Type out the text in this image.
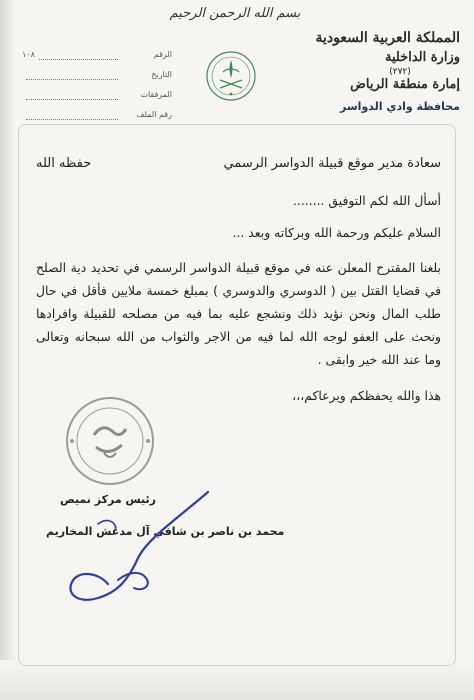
بسم الله الرحمن الرحيم
المملكة العربية السعودية
وزارة الداخلية
(٢٧٢)
إمارة منطقة الرياض
محافظة وادي الدواسر
الرقم
١٠٨
التاريخ
المرفقات
رقم الملف
سعادة مدير موقع قبيلة الدواسر الرسمي
حفظه الله
أسأل الله لكم التوفيق ........
السلام عليكم ورحمة الله وبركاته وبعد ...
بلغنا المقترح المعلن عنه في موقع قبيلة الدواسر الرسمي في تحديد دية الصلح في قضايا القتل بين ( الدوسري والدوسري ) بمبلغ خمسة ملايين فأقل في حال طلب المال ونحن نؤيد ذلك ونشجع عليه بما فيه من مصلحه للقبيلة وافرادها ونحث على العفو لوجه الله لما فيه من الاجر والثواب من الله سبحانه وتعالى وما عند الله خير وابقى .
هذا والله يحفظكم ويرعاكم،،،
رئيس مركز نميص
محمد بن ناصر بن شافي آل مدغش المخاريم
